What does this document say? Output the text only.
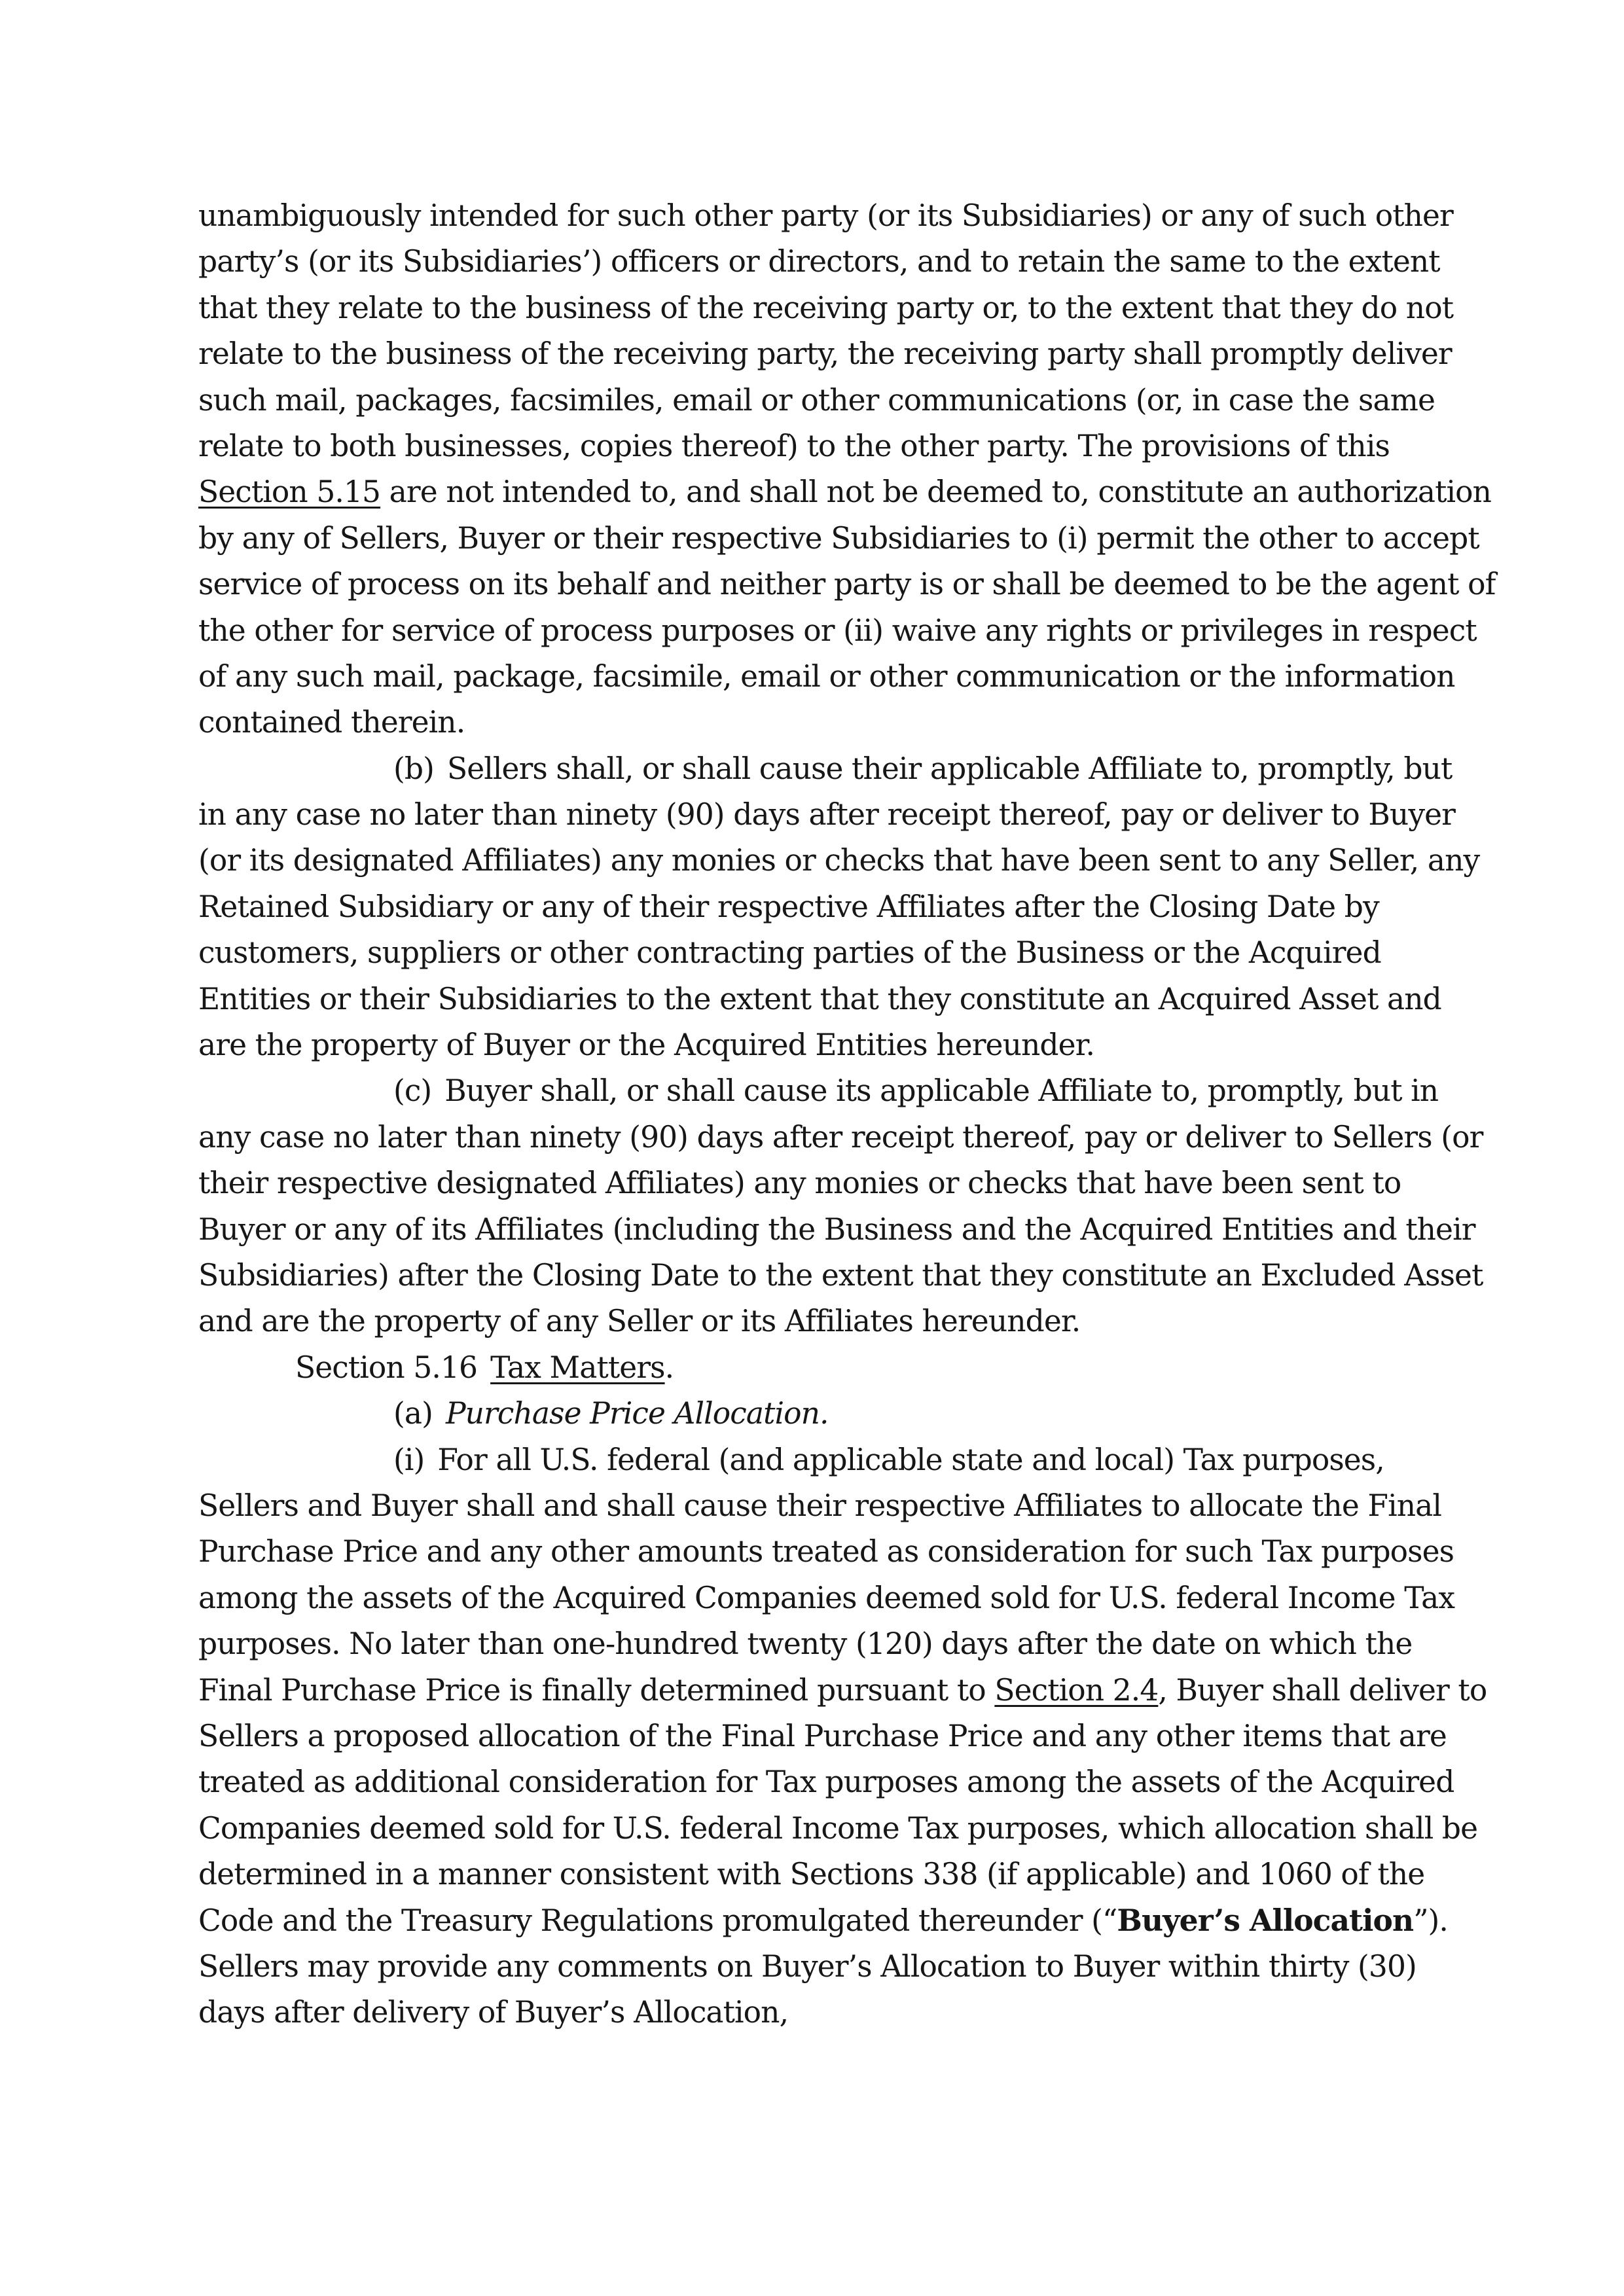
unambiguously intended for such other party (or its Subsidiaries) or any of such other
party’s (or its Subsidiaries’) officers or directors, and to retain the same to the extent
that they relate to the business of the receiving party or, to the extent that they do not
relate to the business of the receiving party, the receiving party shall promptly deliver
such mail, packages, facsimiles, email or other communications (or, in case the same
relate to both businesses, copies thereof) to the other party. The provisions of this
Section 5.15 are not intended to, and shall not be deemed to, constitute an authorization
by any of Sellers, Buyer or their respective Subsidiaries to (i) permit the other to accept
service of process on its behalf and neither party is or shall be deemed to be the agent of
the other for service of process purposes or (ii) waive any rights or privileges in respect
of any such mail, package, facsimile, email or other communication or the information
contained therein.
(b) Sellers shall, or shall cause their applicable Affiliate to, promptly, but
in any case no later than ninety (90) days after receipt thereof, pay or deliver to Buyer
(or its designated Affiliates) any monies or checks that have been sent to any Seller, any
Retained Subsidiary or any of their respective Affiliates after the Closing Date by
customers, suppliers or other contracting parties of the Business or the Acquired
Entities or their Subsidiaries to the extent that they constitute an Acquired Asset and
are the property of Buyer or the Acquired Entities hereunder.
(c) Buyer shall, or shall cause its applicable Affiliate to, promptly, but in
any case no later than ninety (90) days after receipt thereof, pay or deliver to Sellers (or
their respective designated Affiliates) any monies or checks that have been sent to
Buyer or any of its Affiliates (including the Business and the Acquired Entities and their
Subsidiaries) after the Closing Date to the extent that they constitute an Excluded Asset
and are the property of any Seller or its Affiliates hereunder.
Section 5.16 Tax Matters.
(a) Purchase Price Allocation.
(i) For all U.S. federal (and applicable state and local) Tax purposes,
Sellers and Buyer shall and shall cause their respective Affiliates to allocate the Final
Purchase Price and any other amounts treated as consideration for such Tax purposes
among the assets of the Acquired Companies deemed sold for U.S. federal Income Tax
purposes. No later than one-hundred twenty (120) days after the date on which the
Final Purchase Price is finally determined pursuant to Section 2.4, Buyer shall deliver to
Sellers a proposed allocation of the Final Purchase Price and any other items that are
treated as additional consideration for Tax purposes among the assets of the Acquired
Companies deemed sold for U.S. federal Income Tax purposes, which allocation shall be
determined in a manner consistent with Sections 338 (if applicable) and 1060 of the
Code and the Treasury Regulations promulgated thereunder (“Buyer’s Allocation”).
Sellers may provide any comments on Buyer’s Allocation to Buyer within thirty (30)
days after delivery of Buyer’s Allocation,
